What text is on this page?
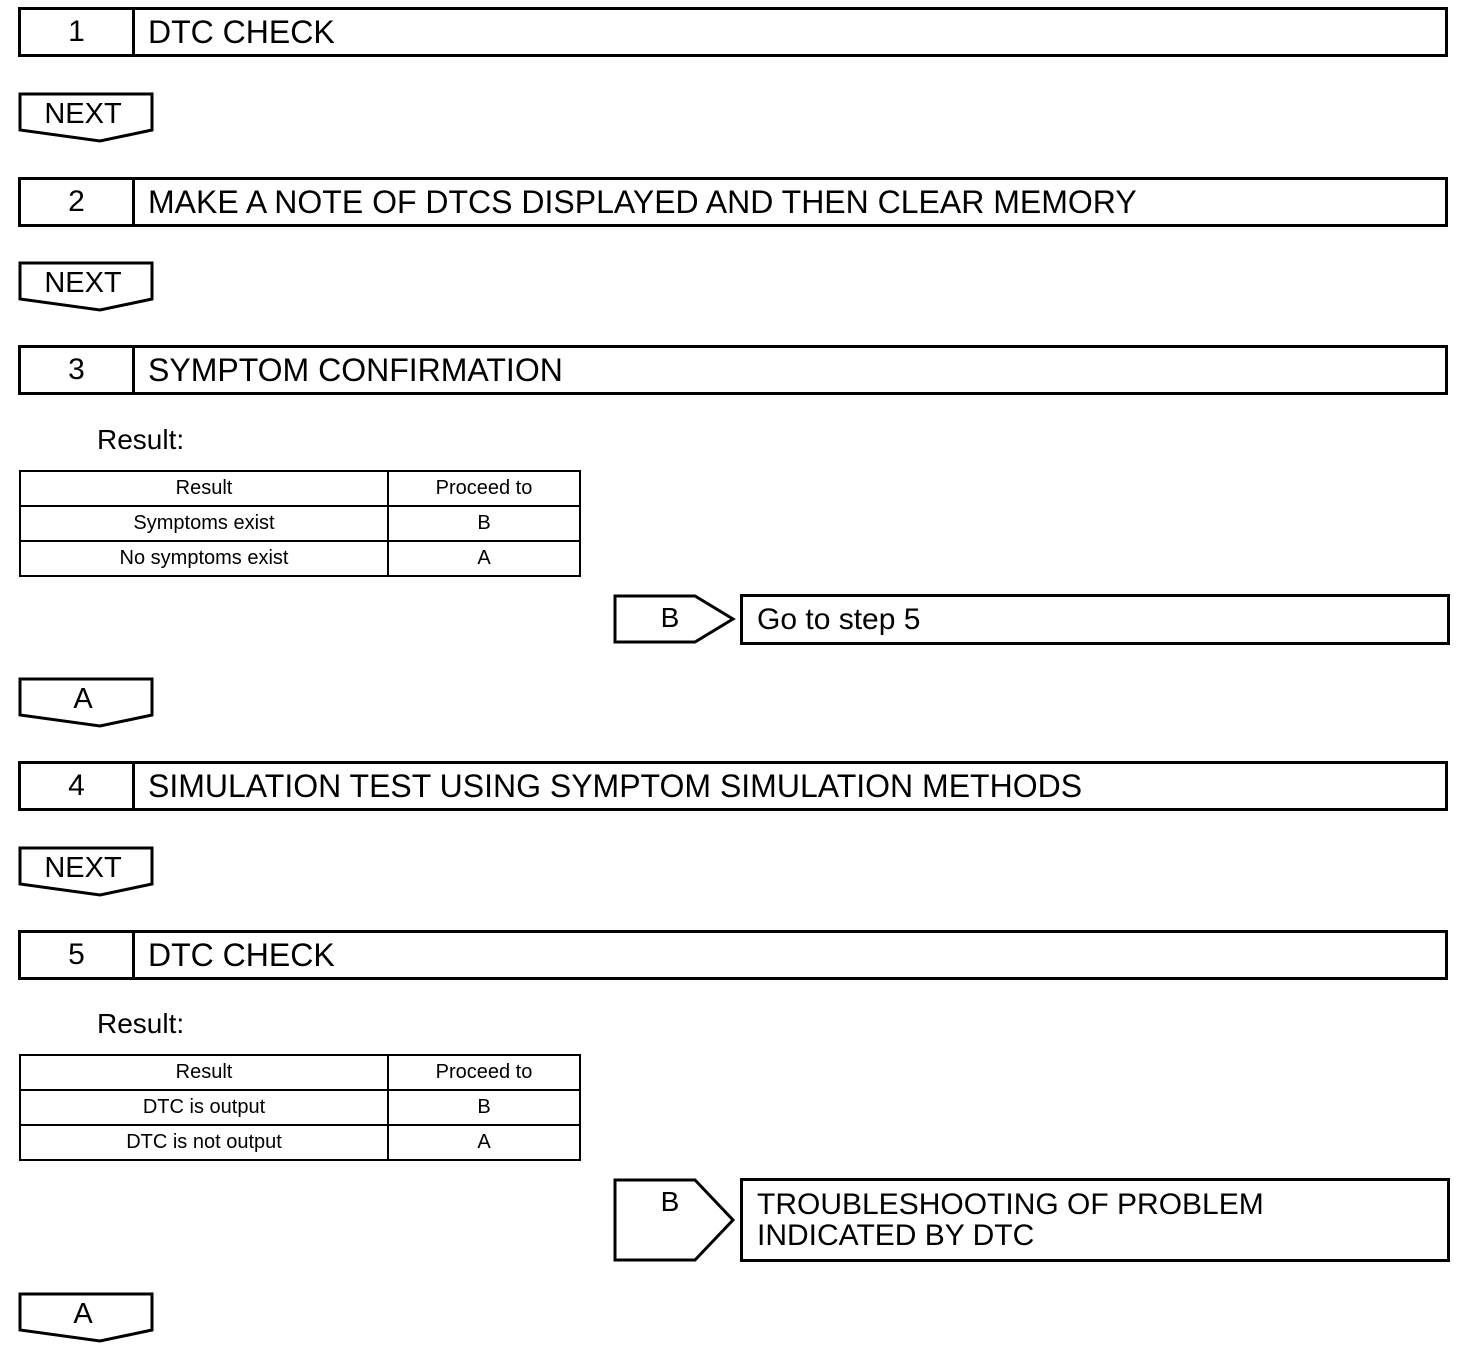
1	DTC CHECK
NEXT
2	MAKE A NOTE OF DTCS DISPLAYED AND THEN CLEAR MEMORY
NEXT
3	SYMPTOM CONFIRMATION
Result:
Result	Proceed to
Symptoms exist	B
No symptoms exist	A
B	Go to step 5
A
4	SIMULATION TEST USING SYMPTOM SIMULATION METHODS
NEXT
5	DTC CHECK
Result:
Result	Proceed to
DTC is output	B
DTC is not output	A
B	TROUBLESHOOTING OF PROBLEM
INDICATED BY DTC
A
